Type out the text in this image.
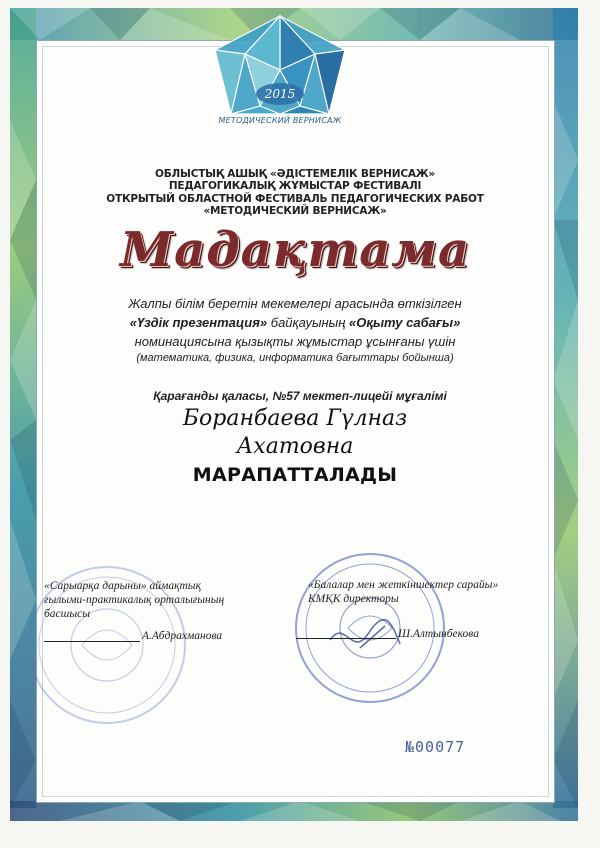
2015
МЕТОДИЧЕСКИЙ ВЕРНИСАЖ
ОБЛЫСТЫҚ АШЫҚ «ӘДІСТЕМЕЛІК ВЕРНИСАЖ»
ПЕДАГОГИКАЛЫҚ ЖҰМЫСТАР ФЕСТИВАЛІ
ОТКРЫТЫЙ ОБЛАСТНОЙ ФЕСТИВАЛЬ ПЕДАГОГИЧЕСКИХ РАБОТ
«МЕТОДИЧЕСКИЙ ВЕРНИСАЖ»
Мадақтама
Жалпы білім беретін мекемелері арасында өткізілген
«Үздік презентация» байқауының «Оқыту сабағы»
номинациясына қызықты жұмыстар ұсынғаны үшін
(математика, физика, информатика бағыттары бойынша)
Қарағанды қаласы, №57 мектеп-лицейі мұғалімі
Боранбаева Гүлназ
Ахатовна
МАРАПАТТАЛАДЫ
«Сарыарқа дарыны» аймақтық
ғылыми-практикалық орталығының
басшысы
А.Абдрахманова
«Балалар мен жеткіншектер сарайы»
КМҚК директоры
Ш.Алтынбекова
№00077
